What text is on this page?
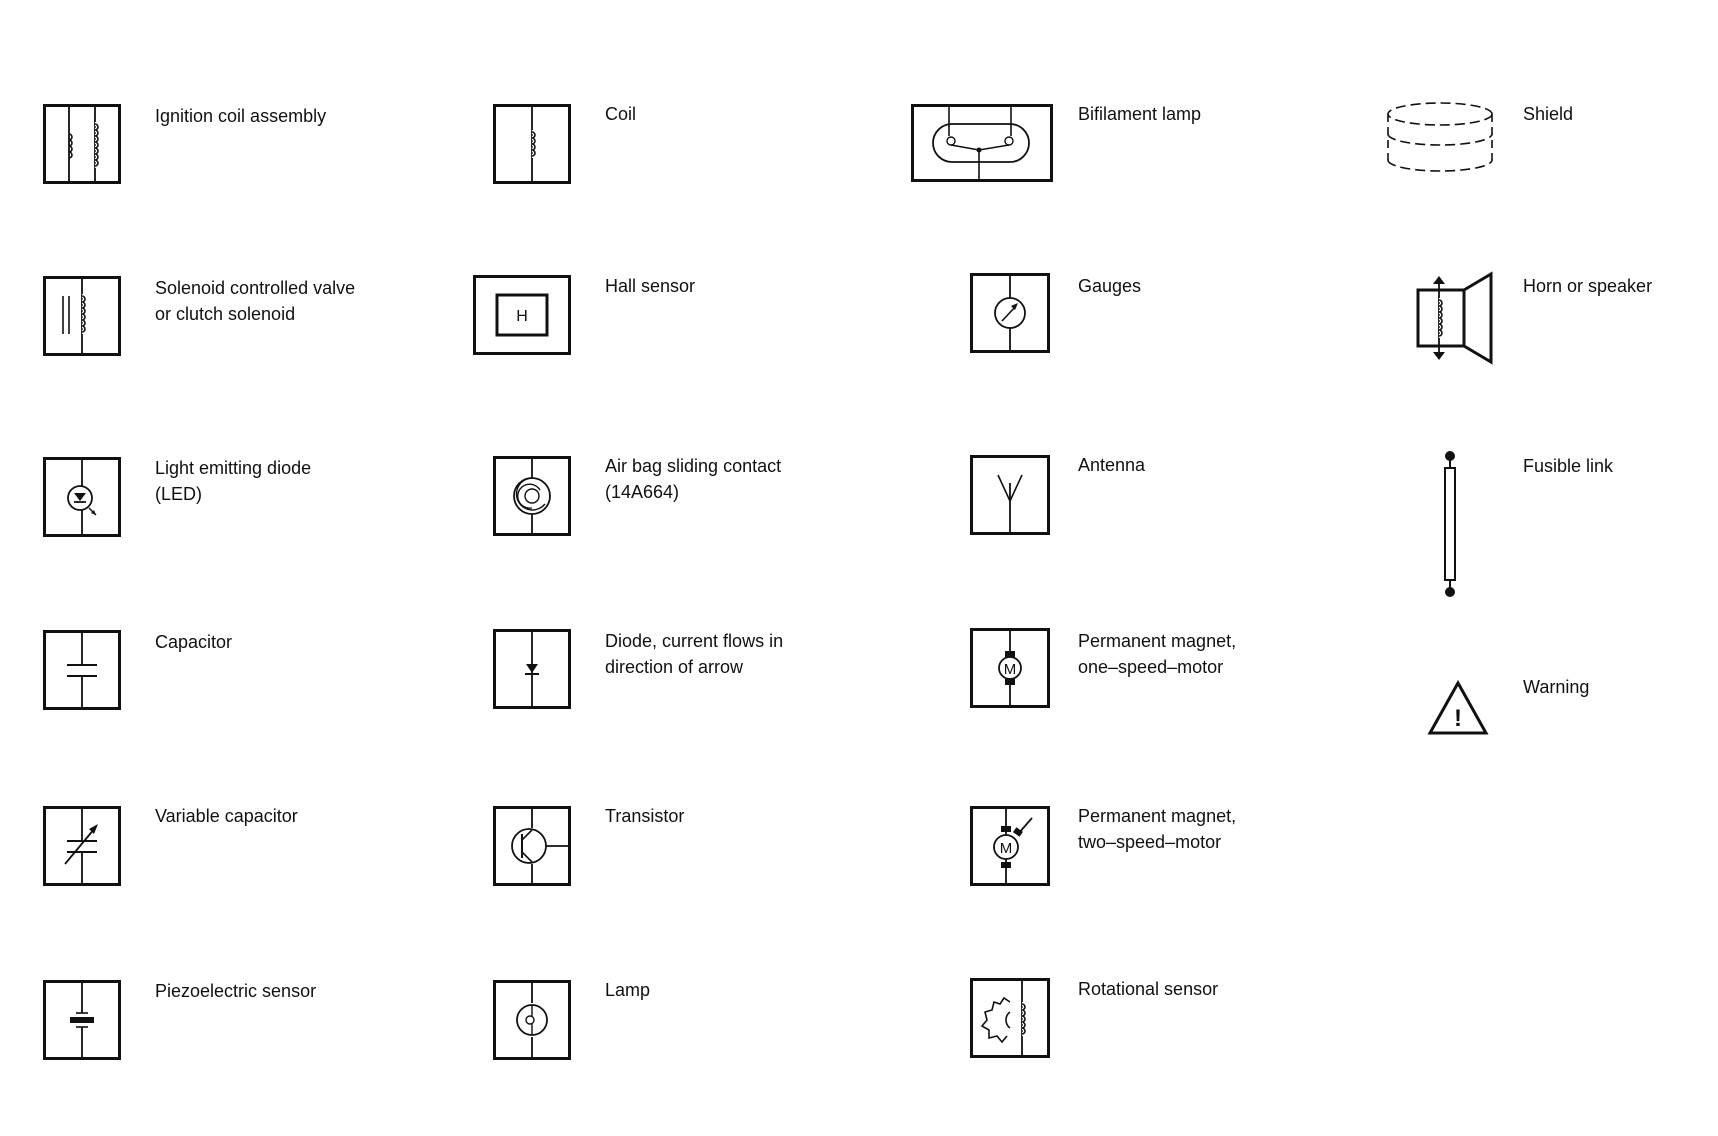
Ignition coil assembly
Solenoid controlled valve
or clutch solenoid
Light emitting diode
(LED)
Capacitor
Variable capacitor
Piezoelectric sensor
Coil
H
Hall sensor
Air bag sliding contact
(14A664)
Diode, current flows in
direction of arrow
Transistor
Lamp
Bifilament lamp
Gauges
Antenna
M
Permanent magnet,
one–speed–motor
M
Permanent magnet,
two–speed–motor
Rotational sensor
Shield
Horn or speaker
Fusible link
!
Warning
